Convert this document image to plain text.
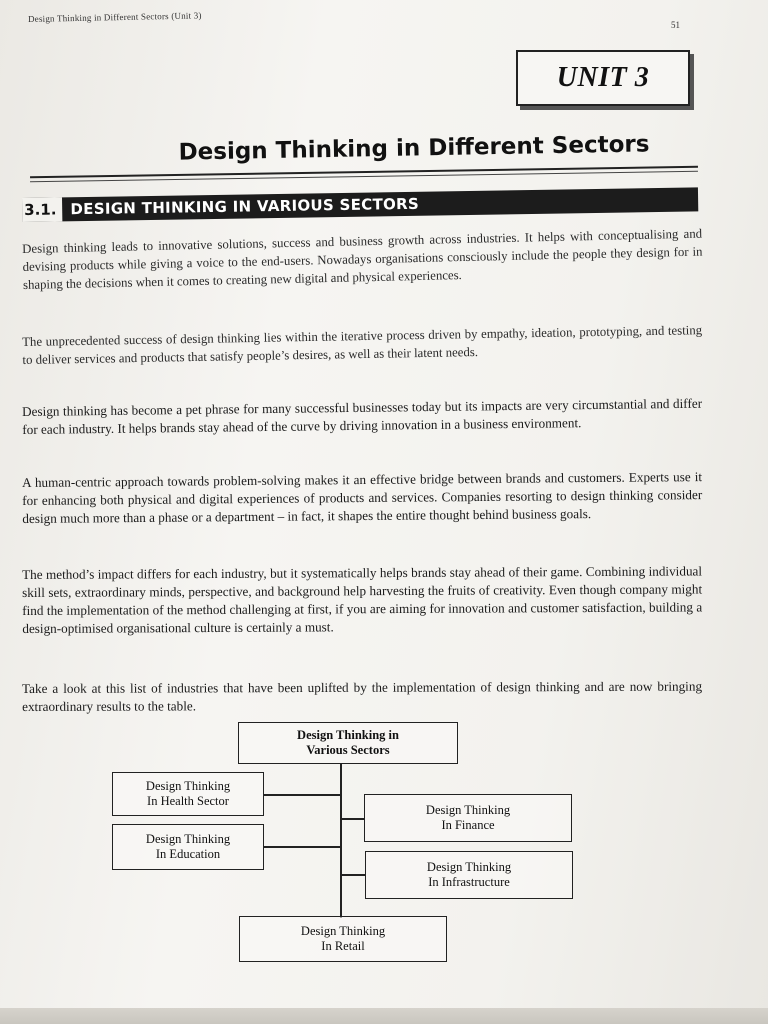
Design Thinking in Different Sectors (Unit 3)
51
UNIT 3
Design Thinking in Different Sectors
3.1. DESIGN THINKING IN VARIOUS SECTORS

Design thinking leads to innovative solutions, success and business growth across industries. It helps with conceptualising and devising products while giving a voice to the end-users. Nowadays organisations consciously include the people they design for in shaping the decisions when it comes to creating new digital and physical experiences.

The unprecedented success of design thinking lies within the iterative process driven by empathy, ideation, prototyping, and testing to deliver services and products that satisfy people’s desires, as well as their latent needs.

Design thinking has become a pet phrase for many successful businesses today but its impacts are very circumstantial and differ for each industry. It helps brands stay ahead of the curve by driving innovation in a business environment.

A human-centric approach towards problem-solving makes it an effective bridge between brands and customers. Experts use it for enhancing both physical and digital experiences of products and services. Companies resorting to design thinking consider design much more than a phase or a department – in fact, it shapes the entire thought behind business goals.

The method’s impact differs for each industry, but it systematically helps brands stay ahead of their game. Combining individual skill sets, extraordinary minds, perspective, and background help harvesting the fruits of creativity. Even though company might find the implementation of the method challenging at first, if you are aiming for innovation and customer satisfaction, building a design-optimised organisational culture is certainly a must.

Take a look at this list of industries that have been uplifted by the implementation of design thinking and are now bringing extraordinary results to the table.

Design Thinking in
Various Sectors
Design Thinking
In Health Sector
Design Thinking
In Education
Design Thinking
In Finance
Design Thinking
In Infrastructure
Design Thinking
In Retail
